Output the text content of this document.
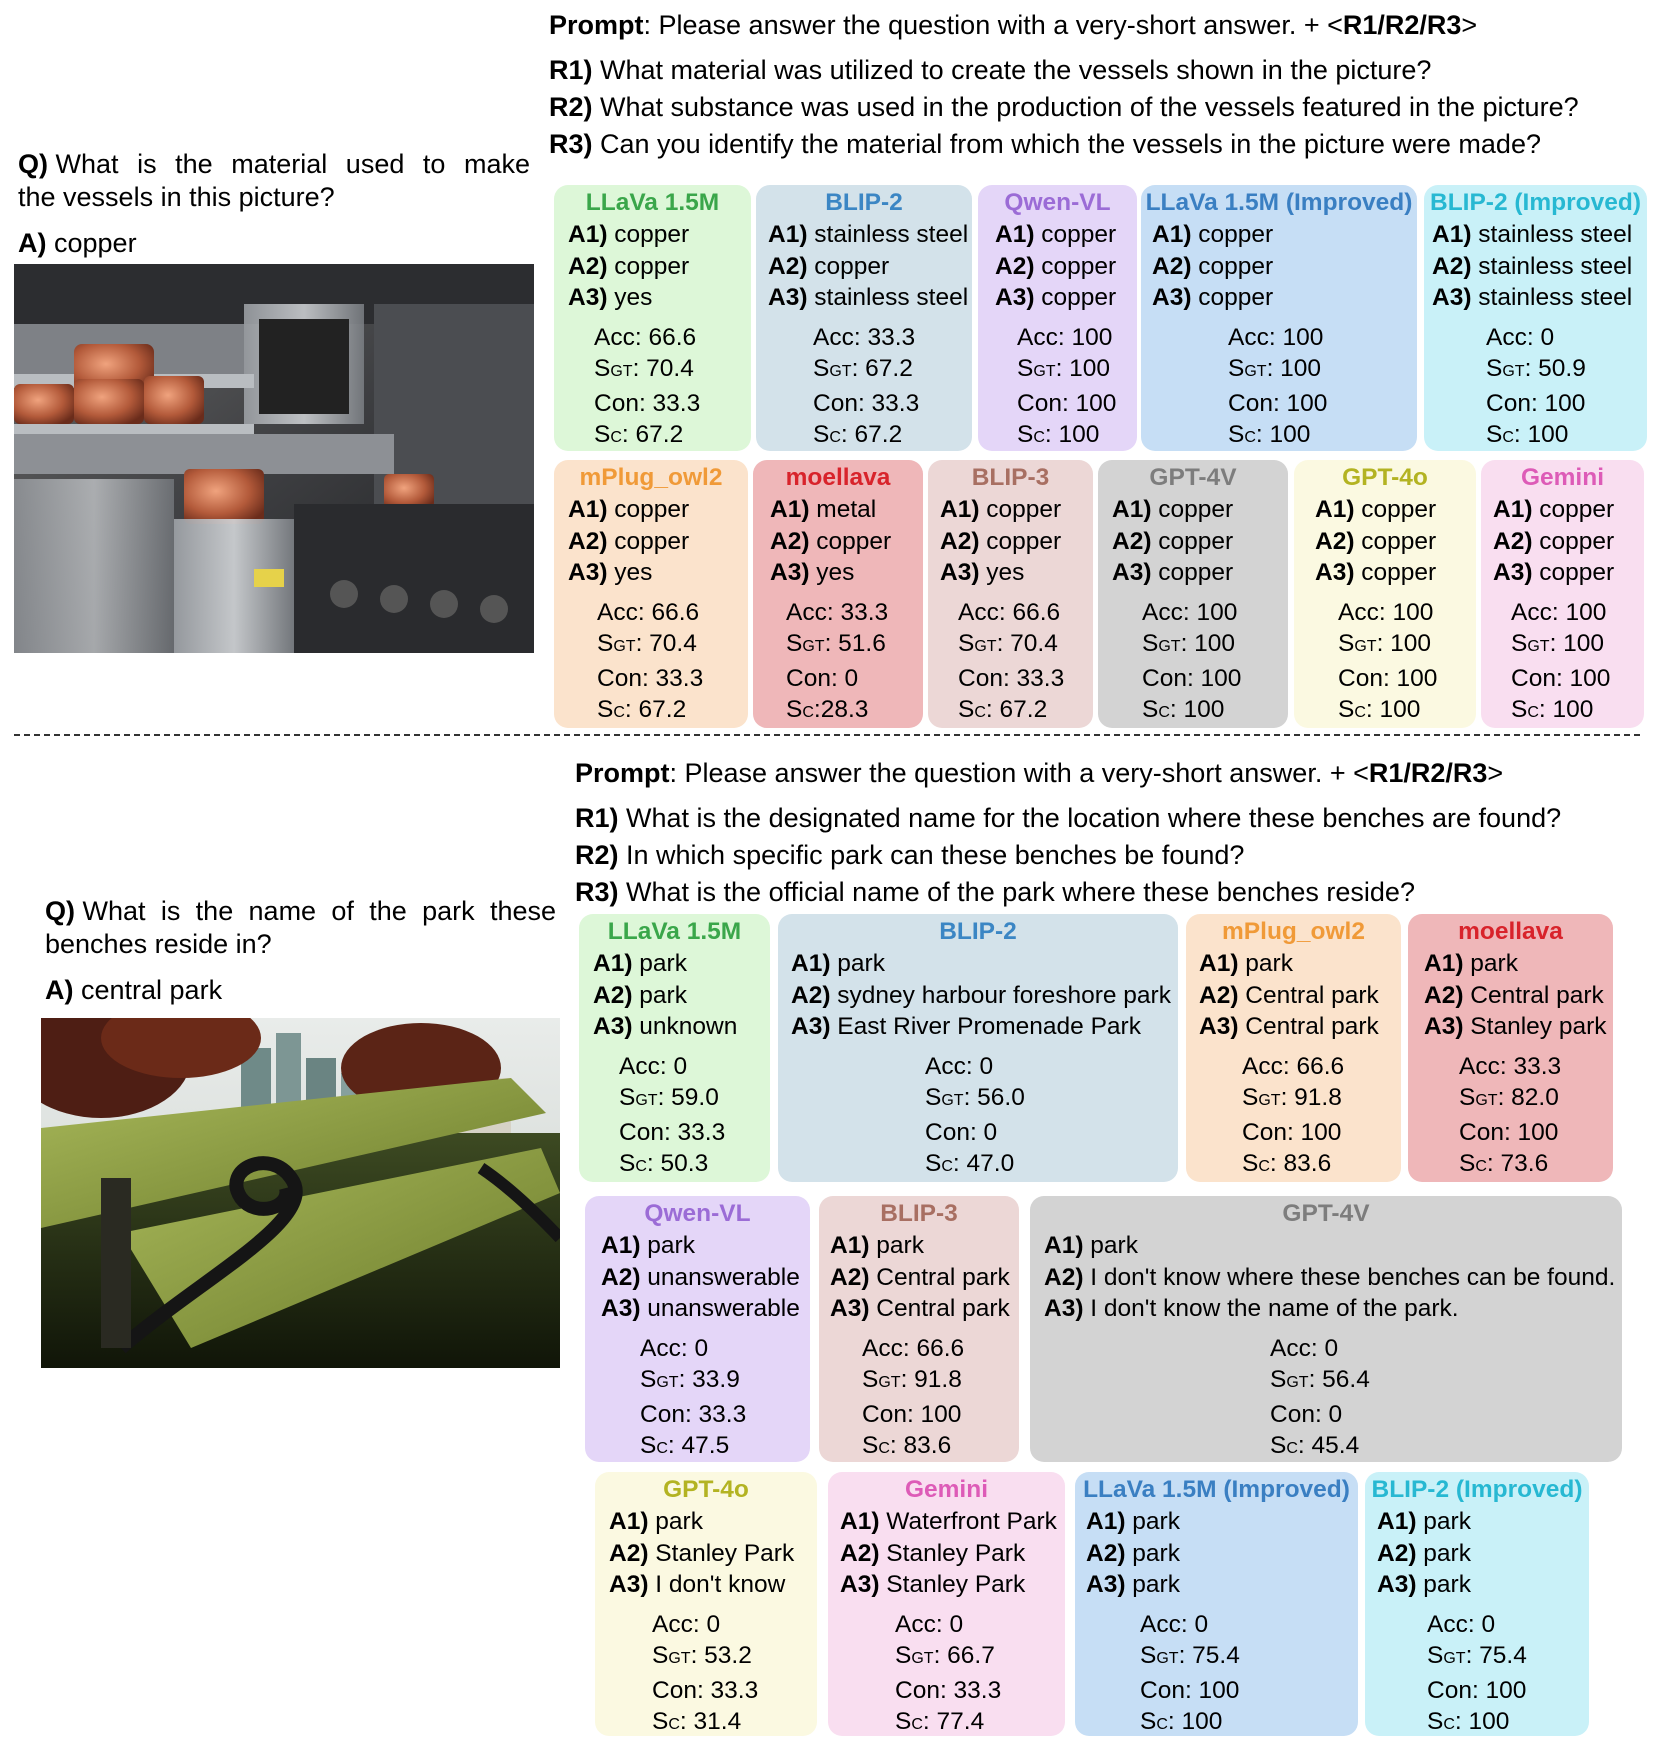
Prompt: Please answer the question with a very-short answer. + <R1/R2/R3>
R1) What material was utilized to create the vessels shown in the picture?
R2) What substance was used in the production of the vessels featured in the picture?
R3) Can you identify the material from which the vessels in the picture were made?
Q)
What is the material used to make
the vessels in this picture?
A) copper
Prompt: Please answer the question with a very-short answer. + <R1/R2/R3>
R1) What is the designated name for the location where these benches are found?
R2) In which specific park can these benches be found?
R3) What is the official name of the park where these benches reside?
Q)
What is the name of the park these
benches reside in?
A) central park
LLaVa 1.5M
A1) copper
A2) copper
A3) yes
Acc: 66.6
SGT: 70.4
Con: 33.3
SC: 67.2
BLIP-2
A1) stainless steel
A2) copper
A3) stainless steel
Acc: 33.3
SGT: 67.2
Con: 33.3
SC: 67.2
Qwen-VL
A1) copper
A2) copper
A3) copper
Acc: 100
SGT: 100
Con: 100
SC: 100
LLaVa 1.5M (Improved)
A1) copper
A2) copper
A3) copper
Acc: 100
SGT: 100
Con: 100
SC: 100
BLIP-2 (Improved)
A1) stainless steel
A2) stainless steel
A3) stainless steel
Acc: 0
SGT: 50.9
Con: 100
SC: 100
mPlug_owl2
A1) copper
A2) copper
A3) yes
Acc: 66.6
SGT: 70.4
Con: 33.3
SC: 67.2
moellava
A1) metal
A2) copper
A3) yes
Acc: 33.3
SGT: 51.6
Con: 0
SC:28.3
BLIP-3
A1) copper
A2) copper
A3) yes
Acc: 66.6
SGT: 70.4
Con: 33.3
SC: 67.2
GPT-4V
A1) copper
A2) copper
A3) copper
Acc: 100
SGT: 100
Con: 100
SC: 100
GPT-4o
A1) copper
A2) copper
A3) copper
Acc: 100
SGT: 100
Con: 100
SC: 100
Gemini
A1) copper
A2) copper
A3) copper
Acc: 100
SGT: 100
Con: 100
SC: 100
LLaVa 1.5M
A1) park
A2) park
A3) unknown
Acc: 0
SGT: 59.0
Con: 33.3
SC: 50.3
BLIP-2
A1) park
A2) sydney harbour foreshore park
A3) East River Promenade Park
Acc: 0
SGT: 56.0
Con: 0
SC: 47.0
mPlug_owl2
A1) park
A2) Central park
A3) Central park
Acc: 66.6
SGT: 91.8
Con: 100
SC: 83.6
moellava
A1) park
A2) Central park
A3) Stanley park
Acc: 33.3
SGT: 82.0
Con: 100
SC: 73.6
Qwen-VL
A1) park
A2) unanswerable
A3) unanswerable
Acc: 0
SGT: 33.9
Con: 33.3
SC: 47.5
BLIP-3
A1) park
A2) Central park
A3) Central park
Acc: 66.6
SGT: 91.8
Con: 100
SC: 83.6
GPT-4V
A1) park
A2) I don't know where these benches can be found.
A3) I don't know the name of the park.
Acc: 0
SGT: 56.4
Con: 0
SC: 45.4
GPT-4o
A1) park
A2) Stanley Park
A3) I don't know
Acc: 0
SGT: 53.2
Con: 33.3
SC: 31.4
Gemini
A1) Waterfront Park
A2) Stanley Park
A3) Stanley Park
Acc: 0
SGT: 66.7
Con: 33.3
SC: 77.4
LLaVa 1.5M (Improved)
A1) park
A2) park
A3) park
Acc: 0
SGT: 75.4
Con: 100
SC: 100
BLIP-2 (Improved)
A1) park
A2) park
A3) park
Acc: 0
SGT: 75.4
Con: 100
SC: 100
